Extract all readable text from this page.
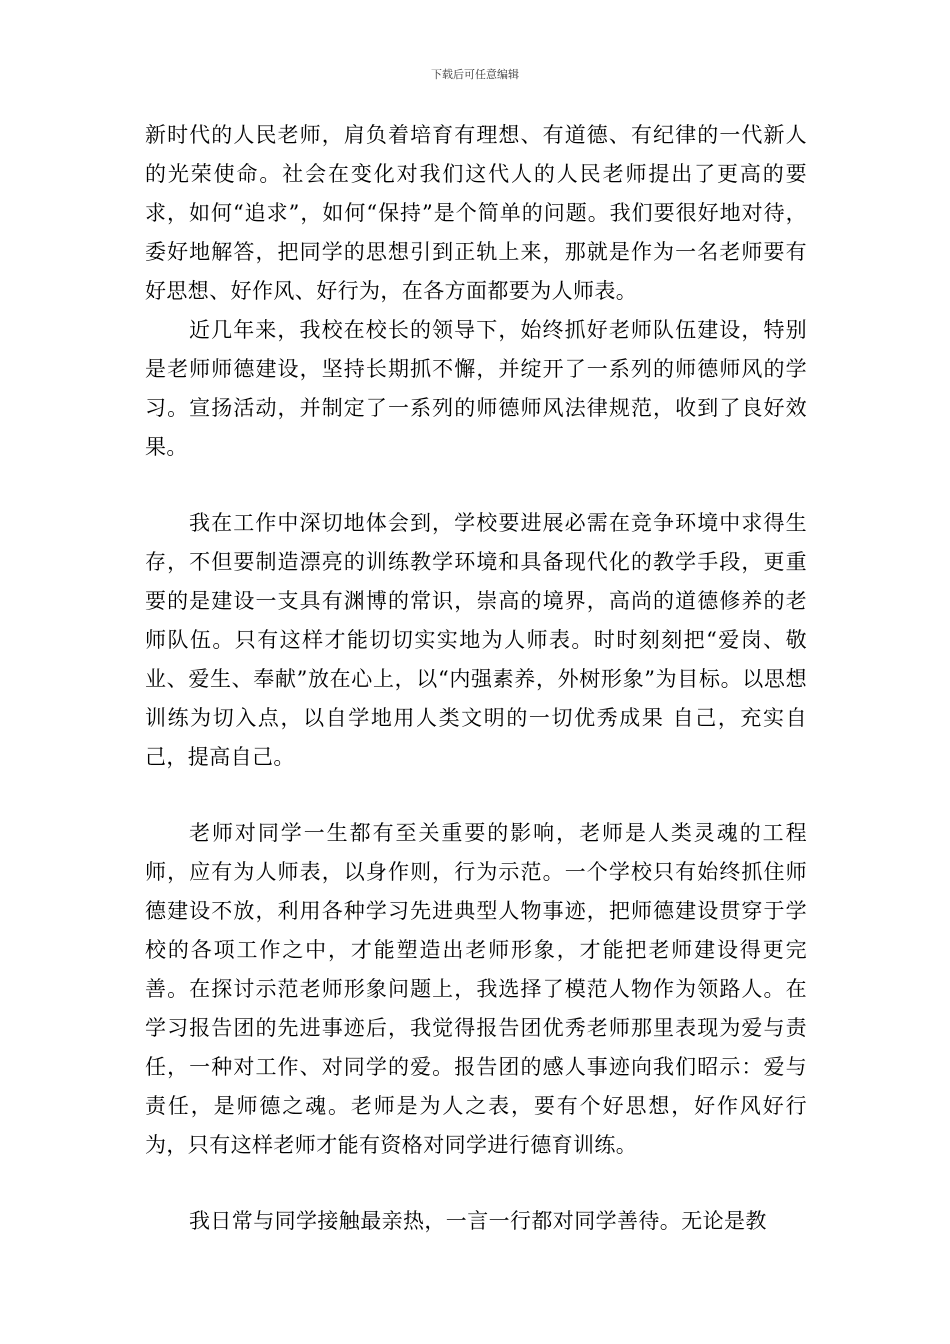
下载后可任意编辑

新时代的人民老师，肩负着培育有理想、有道德、有纪律的一代新人的光荣使命。社会在变化对我们这代人的人民老师提出了更高的要求，如何“追求”，如何“保持”是个简单的问题。我们要很好地对待，委好地解答，把同学的思想引到正轨上来，那就是作为一名老师要有好思想、好作风、好行为，在各方面都要为人师表。

近几年来，我校在校长的领导下，始终抓好老师队伍建设，特别是老师师德建设，坚持长期抓不懈，并绽开了一系列的师德师风的学习。宣扬活动，并制定了一系列的师德师风法律规范，收到了良好效果。

我在工作中深切地体会到，学校要进展必需在竞争环境中求得生存，不但要制造漂亮的训练教学环境和具备现代化的教学手段，更重要的是建设一支具有渊博的常识，崇高的境界，高尚的道德修养的老师队伍。只有这样才能切切实实地为人师表。时时刻刻把“爱岗、敬业、爱生、奉献”放在心上，以“内强素养，外树形象”为目标。以思想训练为切入点，以自学地用人类文明的一切优秀成果 自己，充实自己，提高自己。

老师对同学一生都有至关重要的影响，老师是人类灵魂的工程师，应有为人师表，以身作则，行为示范。一个学校只有始终抓住师德建设不放，利用各种学习先进典型人物事迹，把师德建设贯穿于学校的各项工作之中，才能塑造出老师形象，才能把老师建设得更完善。在探讨示范老师形象问题上，我选择了模范人物作为领路人。在学习报告团的先进事迹后，我觉得报告团优秀老师那里表现为爱与责任，一种对工作、对同学的爱。报告团的感人事迹向我们昭示：爱与责任，是师德之魂。老师是为人之表，要有个好思想，好作风好行为，只有这样老师才能有资格对同学进行德育训练。

我日常与同学接触最亲热，一言一行都对同学善待。无论是教
